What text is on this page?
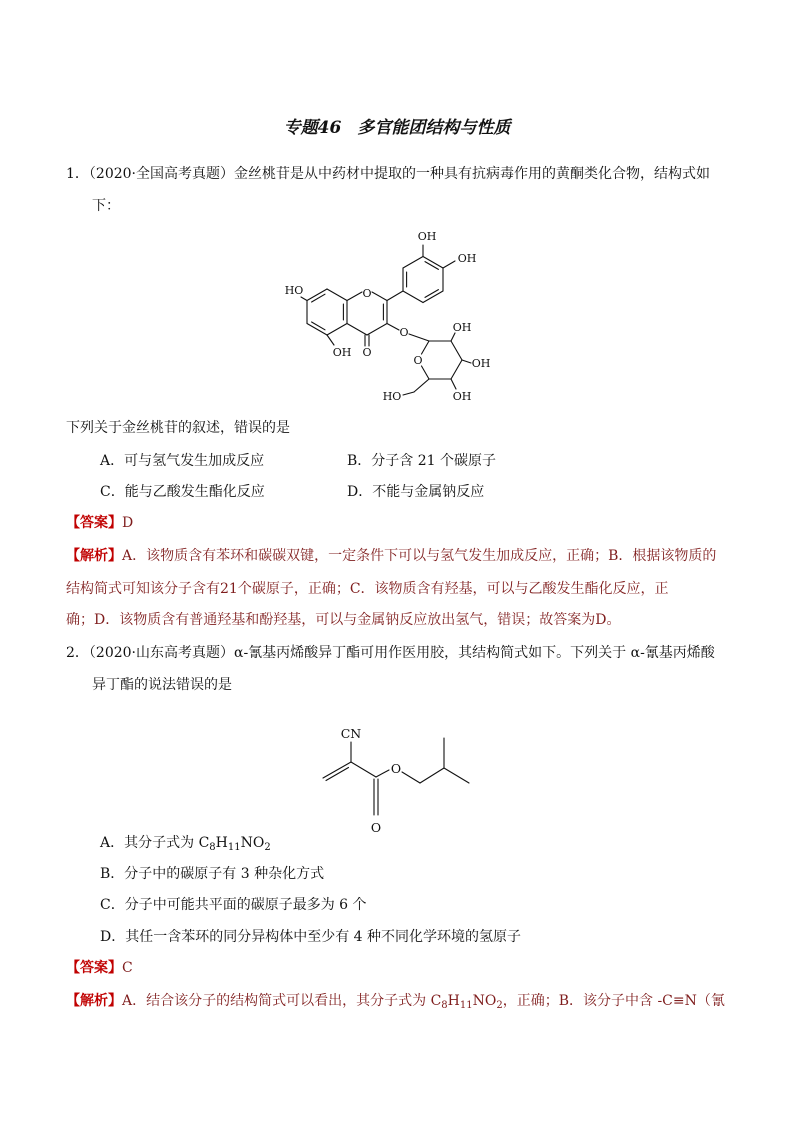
专题46 多官能团结构与性质
1．（2020·全国高考真题）金丝桃苷是从中药材中提取的一种具有抗病毒作用的黄酮类化合物，结构式如
下：
O
O
O
OH
OH
HO
OH
O
OH
OH
OH
HO
下列关于金丝桃苷的叙述，错误的是
A．可与氢气发生加成反应	B．分子含 21 个碳原子
C．能与乙酸发生酯化反应	D．不能与金属钠反应
【答案】D
【解析】A．该物质含有苯环和碳碳双键，一定条件下可以与氢气发生加成反应，正确；B．根据该物质的
结构简式可知该分子含有21个碳原子，正确；C．该物质含有羟基，可以与乙酸发生酯化反应，正
确；D．该物质含有普通羟基和酚羟基，可以与金属钠反应放出氢气，错误；故答案为D。
2．（2020·山东高考真题）α-氰基丙烯酸异丁酯可用作医用胶，其结构简式如下。下列关于 α-氰基丙烯酸
异丁酯的说法错误的是
CN
O
O
A．其分子式为 $C_8H_{11}NO_2$
B．分子中的碳原子有 3 种杂化方式
C．分子中可能共平面的碳原子最多为 6 个
D．其任一含苯环的同分异构体中至少有 4 种不同化学环境的氢原子
【答案】C
【解析】A．结合该分子的结构简式可以看出，其分子式为 $C_8H_{11}NO_2$，正确；B．该分子中含 -C≡N（氰
